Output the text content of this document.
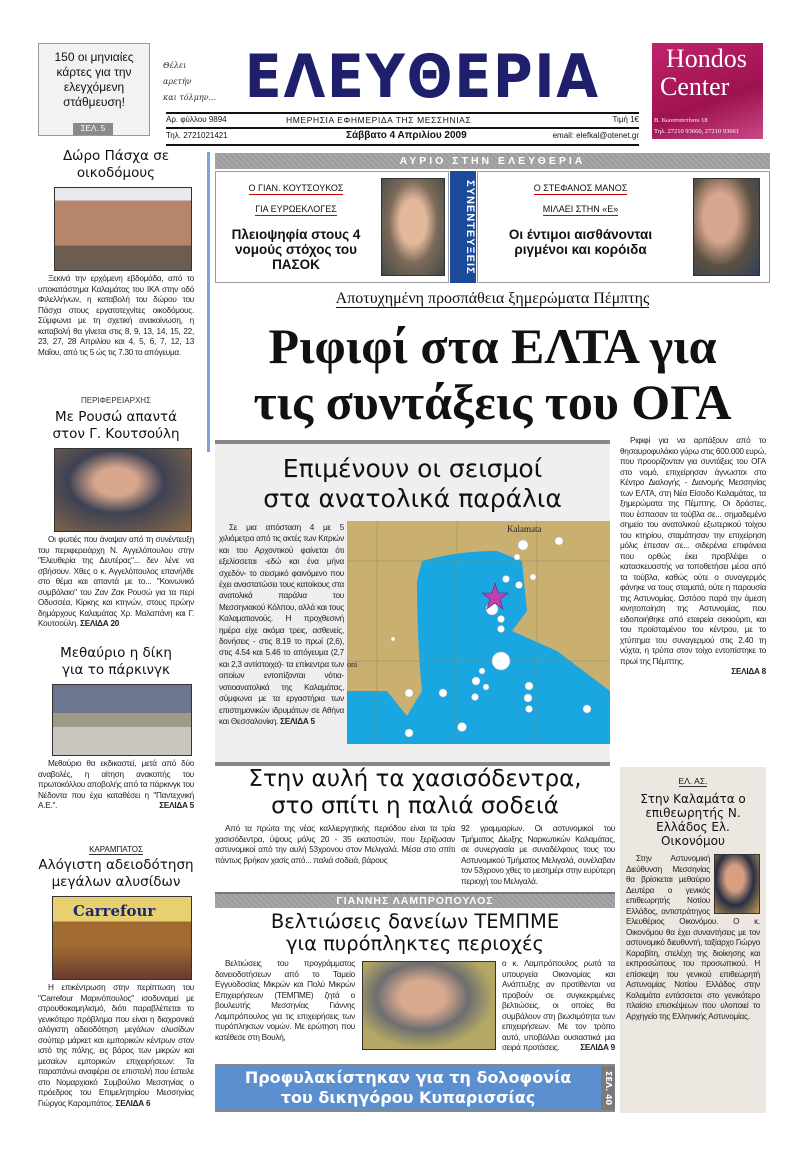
150 οι μηνιαίες κάρτες για την ελεγχόμενη στάθμευση!
ΣΕΛ. 5
Θέλει
αρετήν
και τόλμην... ΕΛΕΥΘΕΡΙΑ
Αρ. φύλλου 9894	ΗΜΕΡΗΣΙΑ ΕΦΗΜΕΡΙΔΑ ΤΗΣ ΜΕΣΣΗΝΙΑΣ	Τιμή 1€
Τηλ. 2721021421	Σάββατο 4 Απριλίου 2009	email: elefkal@otenet.gr
Hondos
Center
Β. Κωνσταντίνου 18
Τηλ. 27210 93660, 27210 93661
ΑΥΡΙΟ ΣΤΗΝ ΕΛΕΥΘΕΡΙΑ
Ο ΓΙΑΝ. ΚΟΥΤΣΟΥΚΟΣ
ΓΙΑ ΕΥΡΩΕΚΛΟΓΕΣ
Πλειοψηφία στους 4 νομούς στόχος του ΠΑΣΟΚ	ΣΥΝΕΝΤΕΥΞΕΙΣ	Ο ΣΤΕΦΑΝΟΣ ΜΑΝΟΣ
ΜΙΛΑΕΙ ΣΤΗΝ «Ε»
Οι έντιμοι αισθάνονται ριγμένοι και κορόιδα
Αποτυχημένη προσπάθεια ξημερώματα Πέμπτης
Ριφιφί στα ΕΛΤΑ για
τις συντάξεις του ΟΓΑ
Ριφιφί για να αρπάξουν από το θησαυροφυλάκιο γύρω στις 600.000 ευρώ, που προορίζονταν για συντάξεις του ΟΓΑ στο νομό, επιχείρησαν άγνωστοι στο Κέντρο Διαλογής - Διανομής Μεσσηνίας των ΕΛΤΑ, στη Νέα Είσοδο Καλαμάτας, τα ξημερώματα της Πέμπτης. Οι δράστες, που έσπασαν τα τούβλα σε... σημαδεμένο σημείο του ανατολικού εξωτερικού τοίχου του κτηρίου, σταμάτησαν την επιχείρηση μόλις έπεσαν σε... σιδερένια επιφάνεια που ορθώς έκει προβλέψει ο κατασκευαστής να τοποθετήσει μέσα από τα τούβλα, καθώς ούτε ο συναγερμός φάνηκε να τους σταματά, ούτε η παρουσία της Αστυνομίας. Ωστόσο παρά την άμεση κινητοποίηση της Αστυνομίας, που ειδοποιήθηκε από εταιρεία σεκιούριτι, και του προϊσταμένου του κέντρου, με το χτύπημα του συναγερμού στις 2.40 τη νύχτα, η τρύπα στον τοίχο εντοπίστηκε το πρωί της Πέμπτης.

ΣΕΛΙΔΑ 8
Επιμένουν οι σεισμοί
στα ανατολικά παράλια
Σε μια απόσταση 4 με 5 χιλιόμετρα από τις ακτές των Κιτριών και του Αρχοντικού φαίνεται ότι εξελίσσεται -εδώ και ένα μήνα σχεδόν- το σεισμικό φαινόμενο που έχει αναστατώσει τους κατοίκους στα ανατολικά παράλια του Μεσσηνιακού Κόλπου, αλλά και τους Καλαματιανούς. Η προχθεσινή ημέρα είχε ακόμα τρεις, ασθενείς, δονήσεις - στις 8.19 το πρωί (2,6), στις 4.54 και 5.46 το απόγευμα (2,7 και 2,3 αντίστοιχα)- τα επίκεντρα των οποίων εντοπίζονται νότια-νοτιοανατολικά της Καλαμάτας, σύμφωνα με τα εργαστήρια των επιστημονικών ιδρυμάτων σε Αθήνα και Θεσσαλονίκη. ΣΕΛΙΔΑ 5
Kalamata
oni
Στην αυλή τα χασισόδεντρα,
στο σπίτι η παλιά σοδειά
Από τα πρώτα της νέας καλλιεργητικής περιόδου είναι τα τρία χασισόδεντρα, ύψους μόλις 20 - 35 εκατοστών, που ξερίζωσαν αστυνομικοί από την αυλή 53χρονου στον Μελιγαλά. Μέσα στο σπίτι πάντως βρήκαν χασίς από... παλιά σοδειά, βάρους
92 γραμμαρίων. Οι αστυνομικοί του Τμήματος Δίωξης Ναρκωτικών Καλαμάτας, σε συνεργασία με συναδέλφους τους του Αστυνομικού Τμήματος Μελιγαλά, συνέλαβαν τον 53χρονο χθες το μεσημέρι στην ευρύτερη περιοχή του Μελιγαλά.
ΓΙΑΝΝΗΣ ΛΑΜΠΡΟΠΟΥΛΟΣ
Βελτιώσεις δανείων ΤΕΜΠΜΕ
για πυρόπληκτες περιοχές
Βελτιώσεις του προγράμματος δανειοδοτήσεων από το Ταμείο Εγγυοδοσίας Μικρών και Πολύ Μικρών Επιχειρήσεων (ΤΕΜΠΜΕ) ζητά ο βουλευτής Μεσσηνίας Γιάννης Λαμπρόπουλος για τις επιχειρήσεις των πυρόπληκτων νομών. Με ερώτηση που κατέθεσε στη Βουλή,
ο κ. Λαμπρόπουλος ρωτά τα υπουργεία Οικονομίας και Ανάπτυξης αν προτίθενται να προβούν σε συγκεκριμένες βελτιώσεις, οι οποίες θα συμβάλουν στη βιωσιμότητα των επιχειρήσεων. Με τον τρόπο αυτό, υποβάλλει ουσιαστικά μια σειρά προτάσεις.	ΣΕΛΙΔΑ 9
Προφυλακίστηκαν για τη δολοφονία
του δικηγόρου Κυπαρισσίας	ΣΕΛ. 40
ΕΛ. ΑΣ.
Στην Καλαμάτα ο επιθεωρητής Ν. Ελλάδος Ελ. Οικονόμου
Στην Αστυνομική Διεύθυνση Μεσσηνίας θα βρίσκεται μεθαύριο Δευτέρα ο γενικός επιθεωρητής Νοτίου Ελλάδος, αντιστράτηγος Ελευθέριος Οικονόμου. Ο κ. Οικονόμου θα έχει συναντήσεις με τον αστυνομικό διευθυντή, ταξίαρχο Γιώργο Καραβίτη, στελέχη της διοίκησης και εκπροσώπους του προσωπικού. Η επίσκεψη του γενικού επιθεωρητή Αστυνομίας Νοτίου Ελλάδος στην Καλαμάτα εντάσσεται στο γενικότερο πλαίσιο επισκέψεων που υλοποιεί το Αρχηγείο της Ελληνικής Αστυνομίας.
Δώρο Πάσχα σε οικοδόμους
Ξεκινά την ερχόμενη εβδομάδα, από το υποκατάστημα Καλαμάτας του ΙΚΑ στην οδό Φιλελλήνων, η καταβολή του δώρου του Πάσχα στους εργατοτεχνίτες οικοδόμους. Σύμφωνα με τη σχετική ανακοίνωση, η καταβολή θα γίνεται στις 8, 9, 13, 14, 15, 22, 23, 27, 28 Απριλίου και 4, 5, 6, 7, 12, 13 Μαΐου, από τις 5 ώς τις 7.30 το απόγευμα.
ΠΕΡΙΦΕΡΕΙΑΡΧΗΣ
Με Ρουσώ απαντά στον Γ. Κουτσούλη
Οι φωτιές που άναψαν από τη συνέντευξη του περιφερειάρχη Ν. Αγγελόπουλου στην "Ελευθερία της Δευτέρας"... δεν λένε να σβήσουν. Χθες ο κ. Αγγελόπουλος επανήλθε στο θέμα και απαντά με το... "Κοινωνικό συμβόλαιο" του Ζαν Ζακ Ρουσώ για τα περί Οδυσσέα, Κίρκης και κτηνών, στους πρώην δημάρχους Καλαμάτας Χρ. Μαλαπάνη και Γ. Κουτσούλη. ΣΕΛΙΔΑ 20
Μεθαύριο η δίκη για το πάρκινγκ
Μεθαύριο θα εκδικαστεί, μετά από δύο αναβολές, η αίτηση ανακοπής του πρωτοκόλλου αποβολής από τα πάρκινγκ του Νέδοντα που έχει καταθέσει η "Παντεχνική Α.Ε.".	ΣΕΛΙΔΑ 5
ΚΑΡΑΜΠΑΤΟΣ
Αλόγιστη αδειοδότηση μεγάλων αλυσίδων
Carrefour
Η επικέντρωση στην περίπτωση του "Carrefour Μαρινόπουλος" ισοδυναμεί με στρουθοκαμηλισμό, διότι παραβλέπεται το γενικότερο πρόβλημα που είναι η διαχρονικά αλόγιστη αδειοδότηση μεγάλων αλυσίδων σούπερ μάρκετ και εμπορικών κέντρων στον ιστό της πόλης, εις βάρος των μικρών και μεσαίων εμπορικών επιχειρήσεων: Τα παραπάνω αναφέρει σε επιστολή που έστειλε στο Νομαρχιακό Συμβούλιο Μεσσηνίας ο πρόεδρος του Επιμελητηρίου Μεσσηνίας Γιώργος Καραμπάτος. ΣΕΛΙΔΑ 6
